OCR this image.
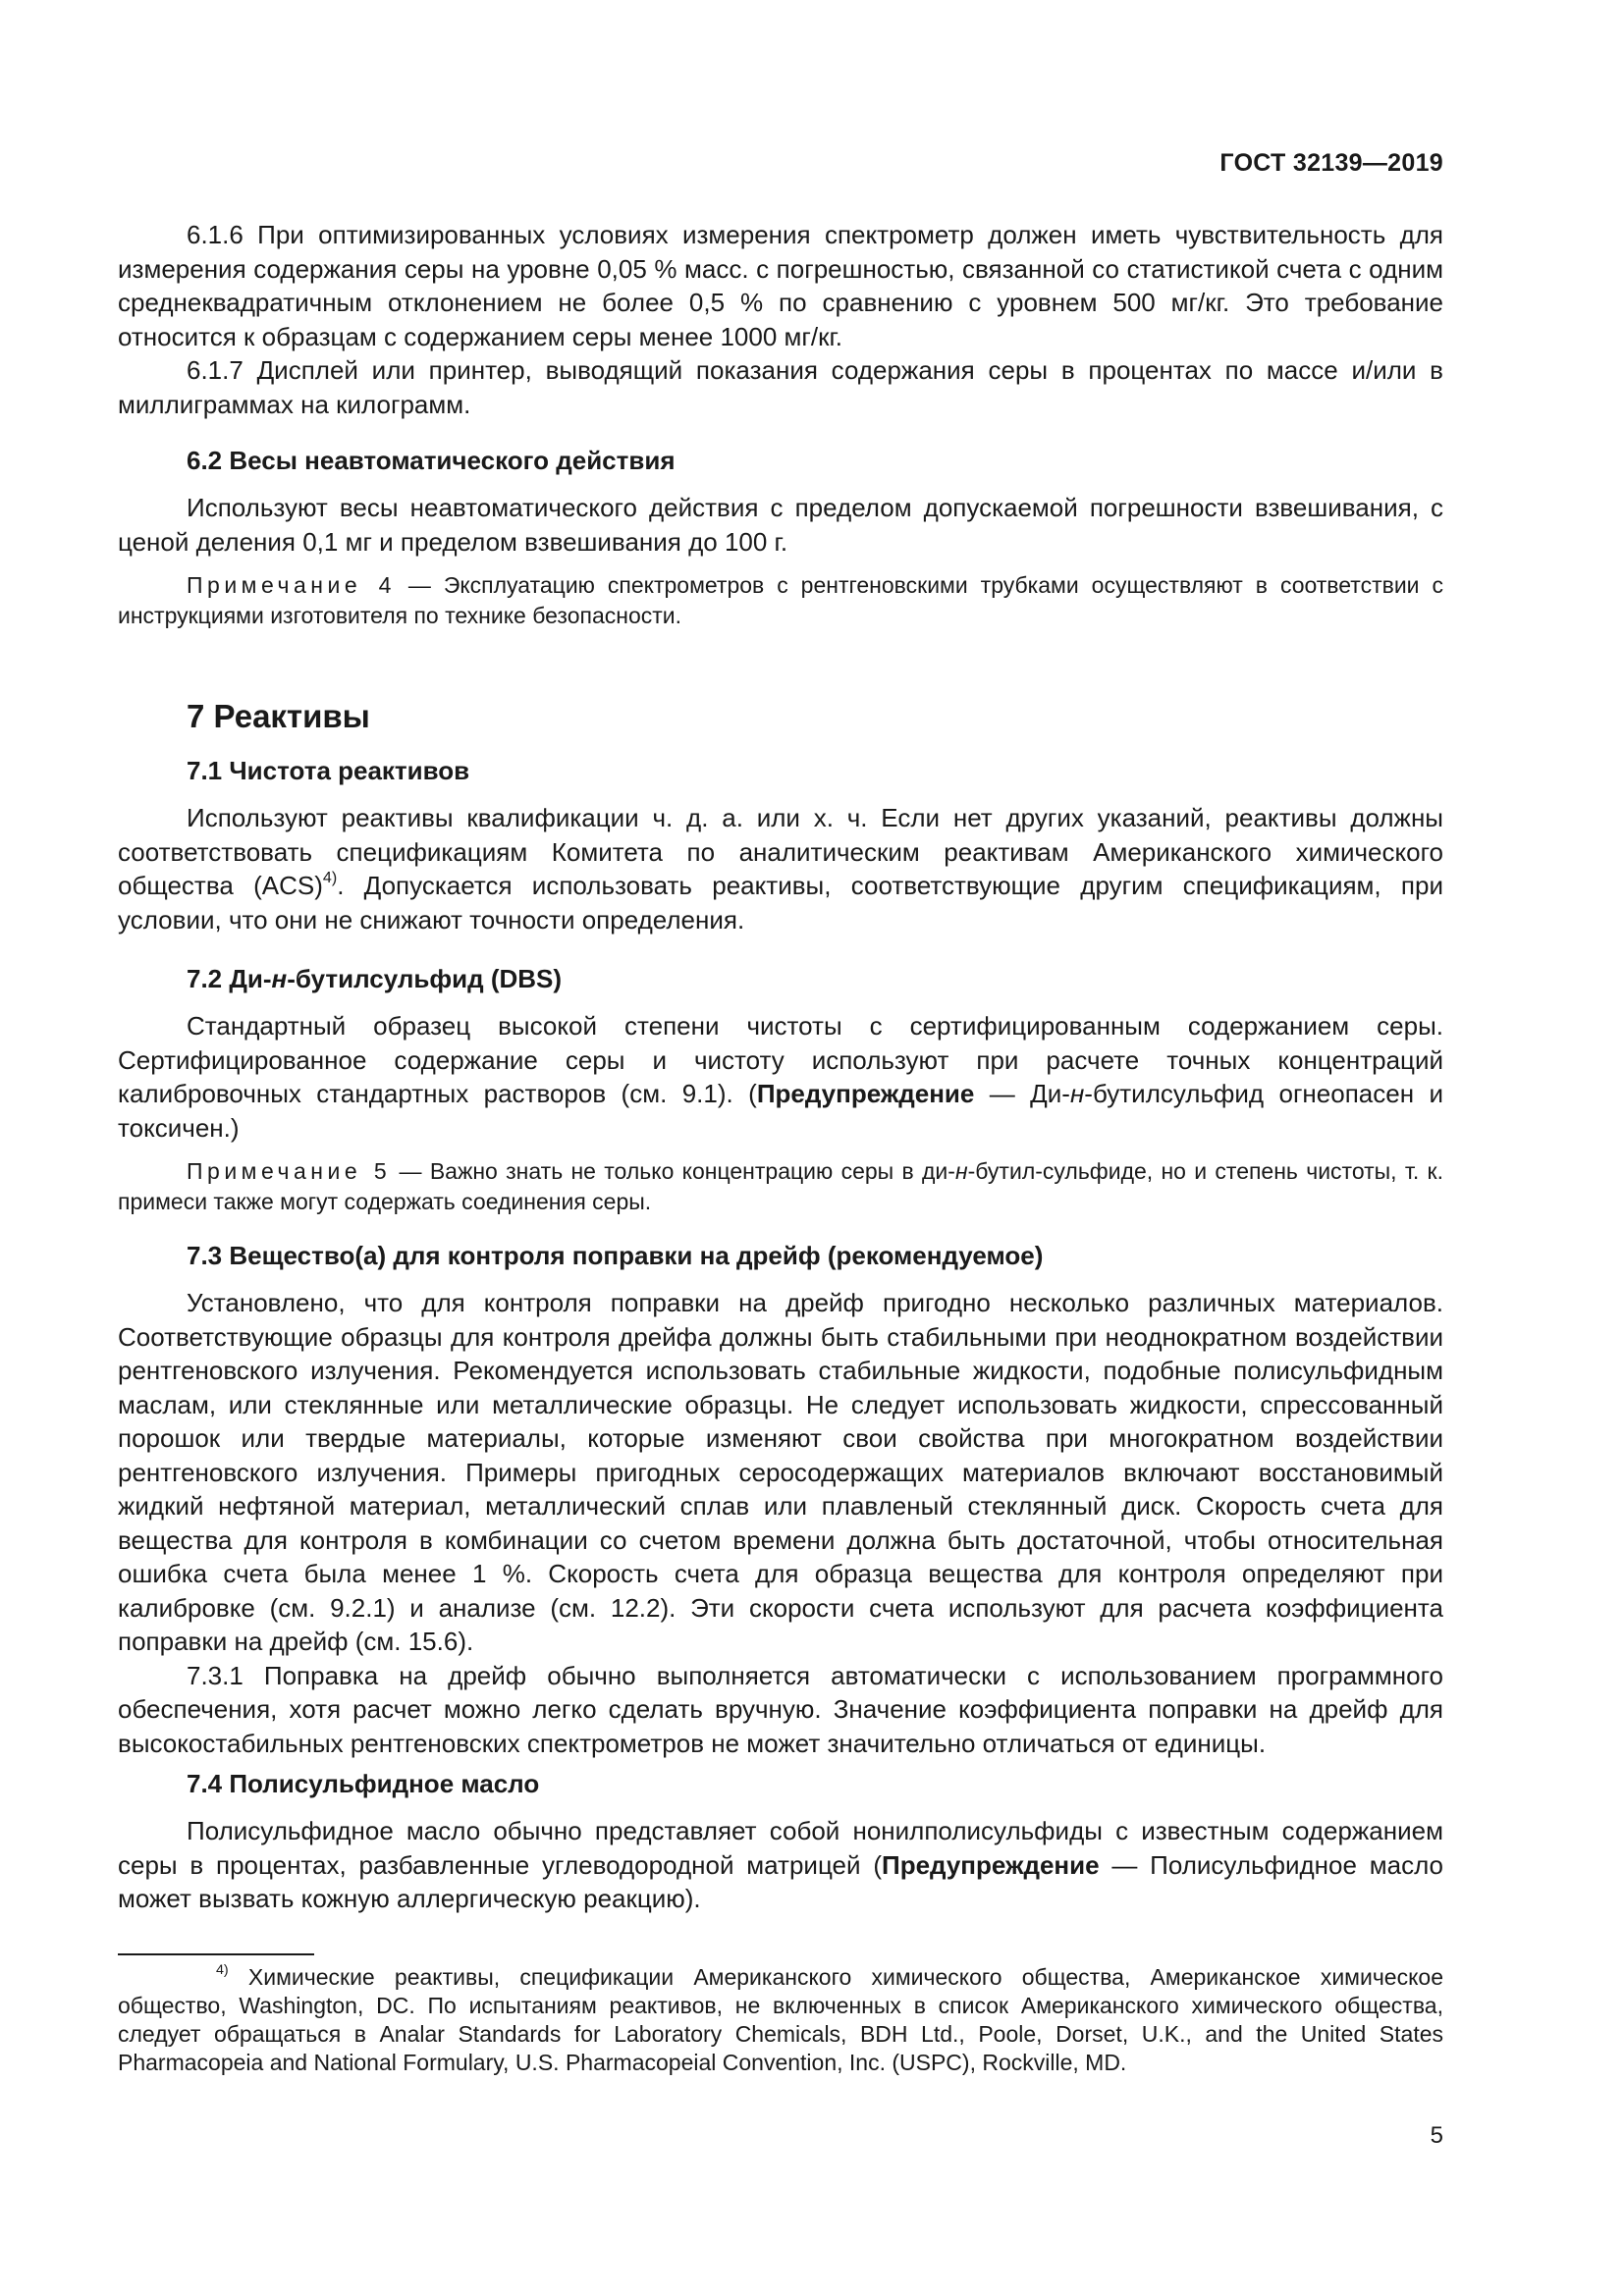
ГОСТ 32139—2019

6.1.6 При оптимизированных условиях измерения спектрометр должен иметь чувствительность для измерения содержания серы на уровне 0,05 % масс. с погрешностью, связанной со статистикой счета с одним среднеквадратичным отклонением не более 0,5 % по сравнению с уровнем 500 мг/кг. Это требование относится к образцам с содержанием серы менее 1000 мг/кг.

6.1.7 Дисплей или принтер, выводящий показания содержания серы в процентах по массе и/или в миллиграммах на килограмм.

6.2 Весы неавтоматического действия

Используют весы неавтоматического действия с пределом допускаемой погрешности взвешивания, с ценой деления 0,1 мг и пределом взвешивания до 100 г.

Примечание 4 — Эксплуатацию спектрометров с рентгеновскими трубками осуществляют в соответствии с инструкциями изготовителя по технике безопасности.

7 Реактивы

7.1 Чистота реактивов

Используют реактивы квалификации ч. д. а. или х. ч. Если нет других указаний, реактивы должны соответствовать спецификациям Комитета по аналитическим реактивам Американского химического общества (ACS)$^{4)}$. Допускается использовать реактивы, соответствующие другим спецификациям, при условии, что они не снижают точности определения.

7.2 Ди-н-бутилсульфид (DBS)

Стандартный образец высокой степени чистоты с сертифицированным содержанием серы. Сертифицированное содержание серы и чистоту используют при расчете точных концентраций калибровочных стандартных растворов (см. 9.1). (Предупреждение — Ди-н-бутилсульфид огнеопасен и токсичен.)

Примечание 5 — Важно знать не только концентрацию серы в ди-н-бутил-сульфиде, но и степень чистоты, т. к. примеси также могут содержать соединения серы.

7.3 Вещество(а) для контроля поправки на дрейф (рекомендуемое)

Установлено, что для контроля поправки на дрейф пригодно несколько различных материалов. Соответствующие образцы для контроля дрейфа должны быть стабильными при неоднократном воздействии рентгеновского излучения. Рекомендуется использовать стабильные жидкости, подобные полисульфидным маслам, или стеклянные или металлические образцы. Не следует использовать жидкости, спрессованный порошок или твердые материалы, которые изменяют свои свойства при многократном воздействии рентгеновского излучения. Примеры пригодных серосодержащих материалов включают восстановимый жидкий нефтяной материал, металлический сплав или плавленый стеклянный диск. Скорость счета для вещества для контроля в комбинации со счетом времени должна быть достаточной, чтобы относительная ошибка счета была менее 1 %. Скорость счета для образца вещества для контроля определяют при калибровке (см. 9.2.1) и анализе (см. 12.2). Эти скорости счета используют для расчета коэффициента поправки на дрейф (см. 15.6).

7.3.1 Поправка на дрейф обычно выполняется автоматически с использованием программного обеспечения, хотя расчет можно легко сделать вручную. Значение коэффициента поправки на дрейф для высокостабильных рентгеновских спектрометров не может значительно отличаться от единицы.

7.4 Полисульфидное масло

Полисульфидное масло обычно представляет собой нонилполисульфиды с известным содержанием серы в процентах, разбавленные углеводородной матрицей (Предупреждение — Полисульфидное масло может вызвать кожную аллергическую реакцию).

$^{4)}$ Химические реактивы, спецификации Американского химического общества, Американское химическое общество, Washington, DC. По испытаниям реактивов, не включенных в список Американского химического общества, следует обращаться в Analar Standards for Laboratory Chemicals, BDH Ltd., Poole, Dorset, U.K., and the United States Pharmacopeia and National Formulary, U.S. Pharmacopeial Convention, Inc. (USPC), Rockville, MD.

5
